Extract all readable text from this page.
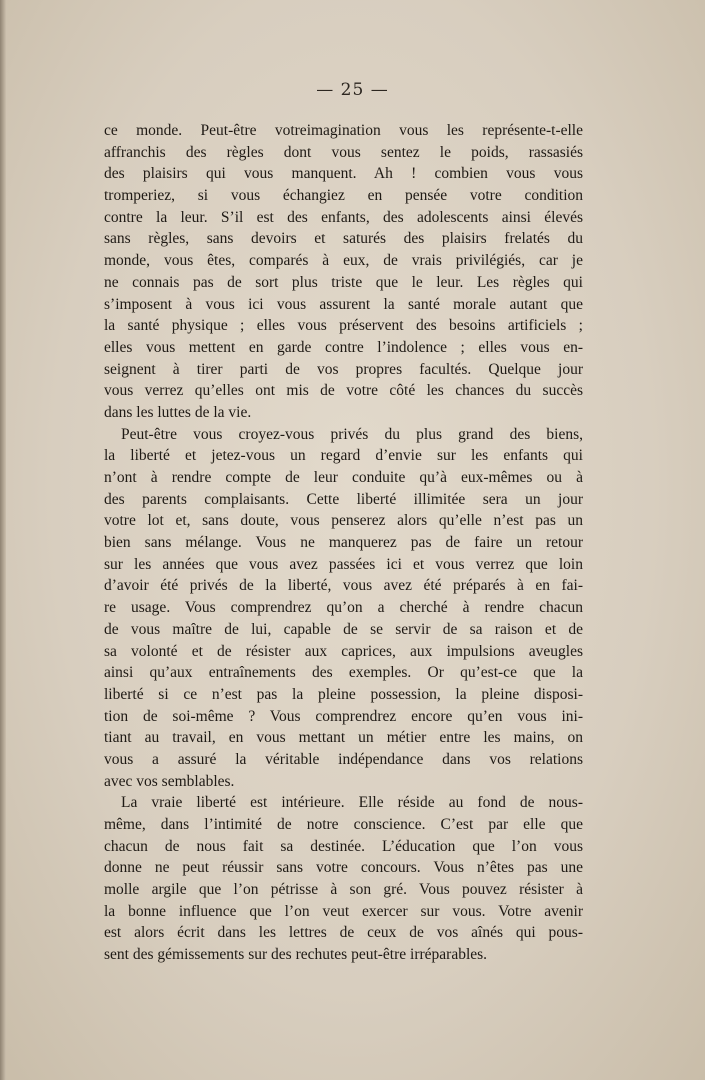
— 25 —
ce monde. Peut-être votreimagination vous les représente-t-elle
affranchis des règles dont vous sentez le poids, rassasiés
des plaisirs qui vous manquent. Ah ! combien vous vous
tromperiez, si vous échangiez en pensée votre condition
contre la leur. S’il est des enfants, des adolescents ainsi élevés
sans règles, sans devoirs et saturés des plaisirs frelatés du
monde, vous êtes, comparés à eux, de vrais privilégiés, car je
ne connais pas de sort plus triste que le leur. Les règles qui
s’imposent à vous ici vous assurent la santé morale autant que
la santé physique ; elles vous préservent des besoins artificiels ;
elles vous mettent en garde contre l’indolence ; elles vous en-
seignent à tirer parti de vos propres facultés. Quelque jour
vous verrez qu’elles ont mis de votre côté les chances du succès
dans les luttes de la vie.
Peut-être vous croyez-vous privés du plus grand des biens,
la liberté et jetez-vous un regard d’envie sur les enfants qui
n’ont à rendre compte de leur conduite qu’à eux-mêmes ou à
des parents complaisants. Cette liberté illimitée sera un jour
votre lot et, sans doute, vous penserez alors qu’elle n’est pas un
bien sans mélange. Vous ne manquerez pas de faire un retour
sur les années que vous avez passées ici et vous verrez que loin
d’avoir été privés de la liberté, vous avez été préparés à en fai-
re usage. Vous comprendrez qu’on a cherché à rendre chacun
de vous maître de lui, capable de se servir de sa raison et de
sa volonté et de résister aux caprices, aux impulsions aveugles
ainsi qu’aux entraînements des exemples. Or qu’est-ce que la
liberté si ce n’est pas la pleine possession, la pleine disposi-
tion de soi-même ? Vous comprendrez encore qu’en vous ini-
tiant au travail, en vous mettant un métier entre les mains, on
vous a assuré la véritable indépendance dans vos relations
avec vos semblables.
La vraie liberté est intérieure. Elle réside au fond de nous-
même, dans l’intimité de notre conscience. C’est par elle que
chacun de nous fait sa destinée. L’éducation que l’on vous
donne ne peut réussir sans votre concours. Vous n’êtes pas une
molle argile que l’on pétrisse à son gré. Vous pouvez résister à
la bonne influence que l’on veut exercer sur vous. Votre avenir
est alors écrit dans les lettres de ceux de vos aînés qui pous-
sent des gémissements sur des rechutes peut-être irréparables.
